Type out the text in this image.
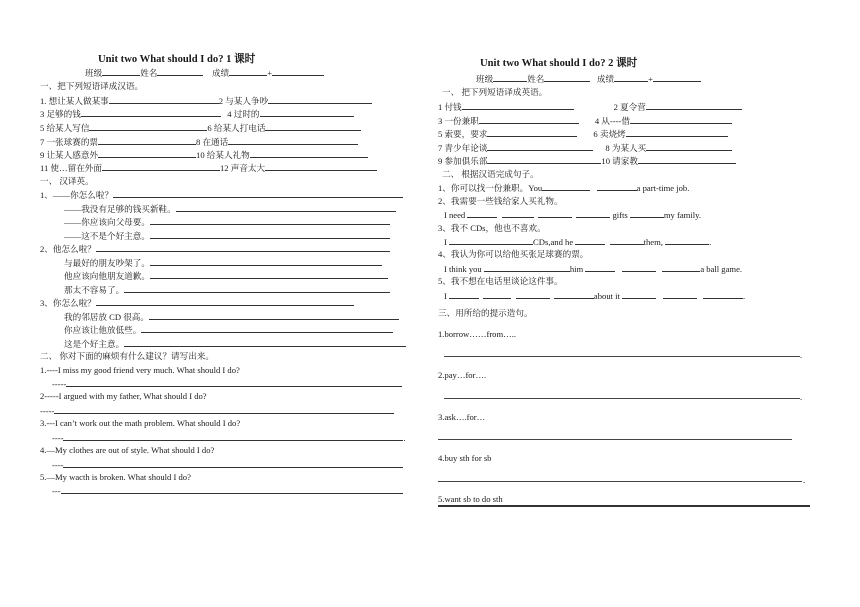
Unit two What should I do? 1 课时
班级	姓名	成绩	+
一、把下列短语译成汉语。
1. 想让某人做某事	2 与某人争吵
3 足够的钱	4 过时的
5 给某人写信	6 给某人打电话
7 一张球赛的票	8 在通话
9 让某人感意外	10 给某人礼物
11 使…留在外面	12 声音太大
一、 汉译英。
1、——你怎么啦？
——我没有足够的钱买新鞋。
——你应该向父母要。
——这不是个好主意。
2、他怎么啦？
与最好的朋友吵架了。
他应该向他朋友道歉。
那太不容易了。
3、你怎么啦？
我的邻居放 CD 很高。
你应该让他放低些。
这是个好主意。
二、 你对下面的麻烦有什么建议？请写出来。
1.----I miss my good friend very much. What should I do?
-----
2-----I argued with my father, What should I do?
-----
3.---I can’t work out the math problem. What should I do?
----	.
4.—My clothes are out of style. What should I do?
----
5.—My wacth is broken. What should I do?
---
Unit two What should I do? 2 课时
班级	姓名	成绩	+
一、 把下列短语译成英语。
1 付钱	2 夏令营
3 一份兼职	4 从----借
5 索要，要求	6 卖烧烤
7 青少年论谈	8 为某人买
9 参加俱乐部	10 请家教
二、 根据汉语完成句子。
1、你可以找一份兼职。You	a part-time job.
2、我需要一些钱给家人买礼物。
I need	gifts	my family.
3、我不 CDs，他也不喜欢。
I	CDs,and he	them,	.
4、我认为你可以给他买张足球赛的票。
I think you	him	a ball game.
5、我不想在电话里谈论这件事。
I	about it	.
三、用所给的提示造句。
1.borrow……from…..
.
2.pay…for….
.
3.ask….for…
4.buy sth for sb
.
5.want sb to do sth
